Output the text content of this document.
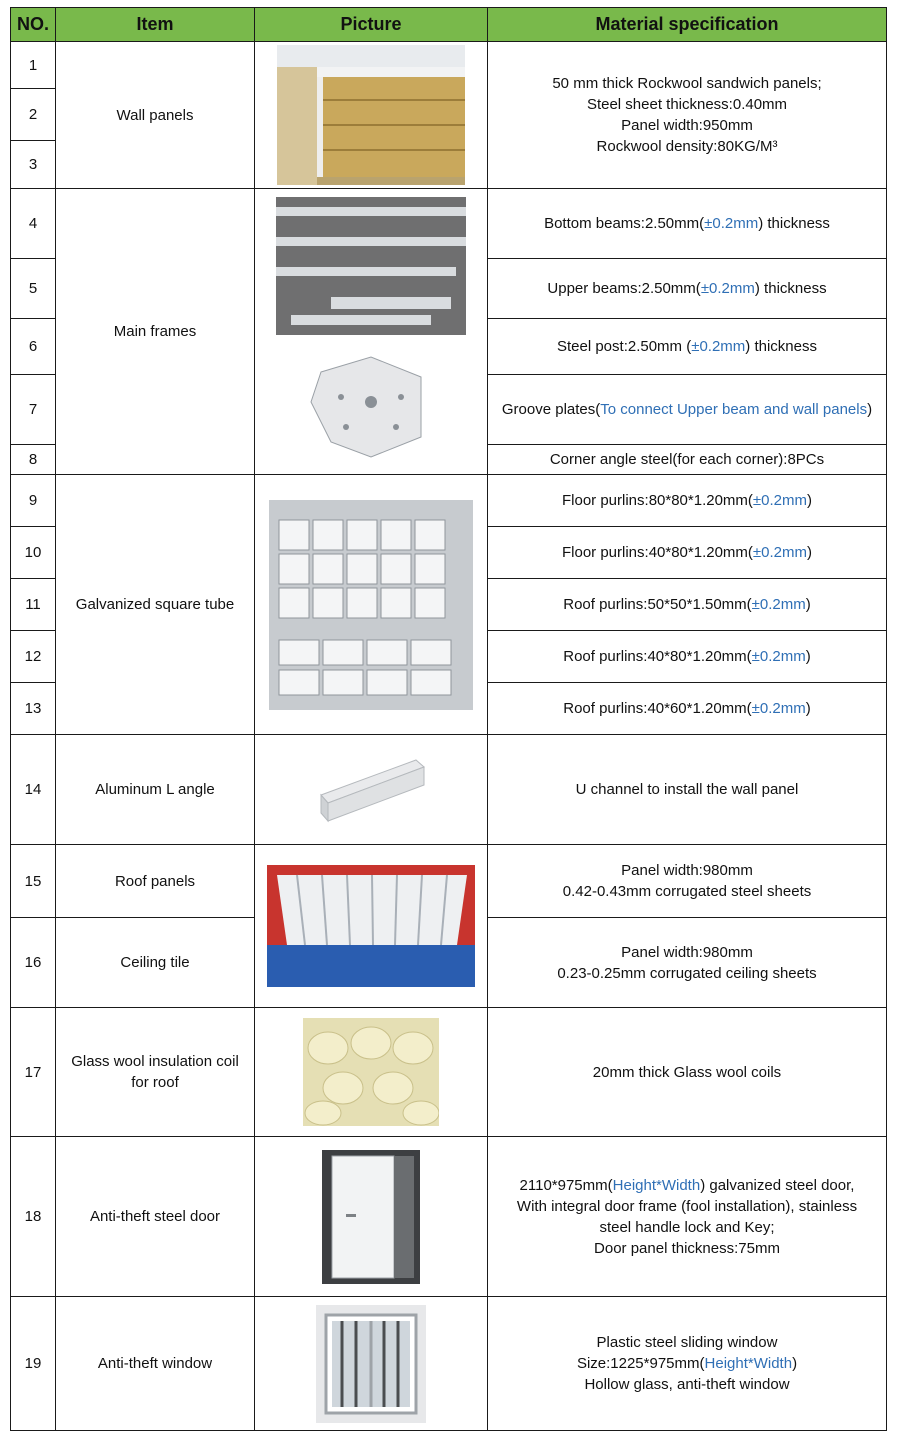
NO.	Item	Picture	Material specification
1	Wall panels		50 mm thick Rockwool sandwich panels;
Steel sheet thickness:0.40mm
Panel width:950mm
Rockwool density:80KG/M³

2			
3			
4	Main frames		Bottom beams:2.50mm(±0.2mm) thickness
5			Upper beams:2.50mm(±0.2mm) thickness
6			Steel post:2.50mm (±0.2mm) thickness
7			Groove plates(To connect Upper beam and wall panels)
8			Corner angle steel(for each corner):8PCs
9	Galvanized square tube		Floor purlins:80*80*1.20mm(±0.2mm)
10			Floor purlins:40*80*1.20mm(±0.2mm)
11			Roof purlins:50*50*1.50mm(±0.2mm)
12			Roof purlins:40*80*1.20mm(±0.2mm)
13			Roof purlins:40*60*1.20mm(±0.2mm)
14	Aluminum L angle		U channel to install the wall panel
15	Roof panels		Panel width:980mm
0.42-0.43mm corrugated steel sheets

16	Ceiling tile		Panel width:980mm
0.23-0.25mm corrugated ceiling sheets

17	Glass wool insulation coil
for roof		20mm thick Glass wool coils
18	Anti-theft steel door		2110*975mm(Height*Width) galvanized steel door,
With integral door frame (fool installation), stainless
steel handle lock and Key;
Door panel thickness:75mm

19	Anti-theft window		Plastic steel sliding window
Size:1225*975mm(Height*Width)
Hollow glass, anti-theft window
